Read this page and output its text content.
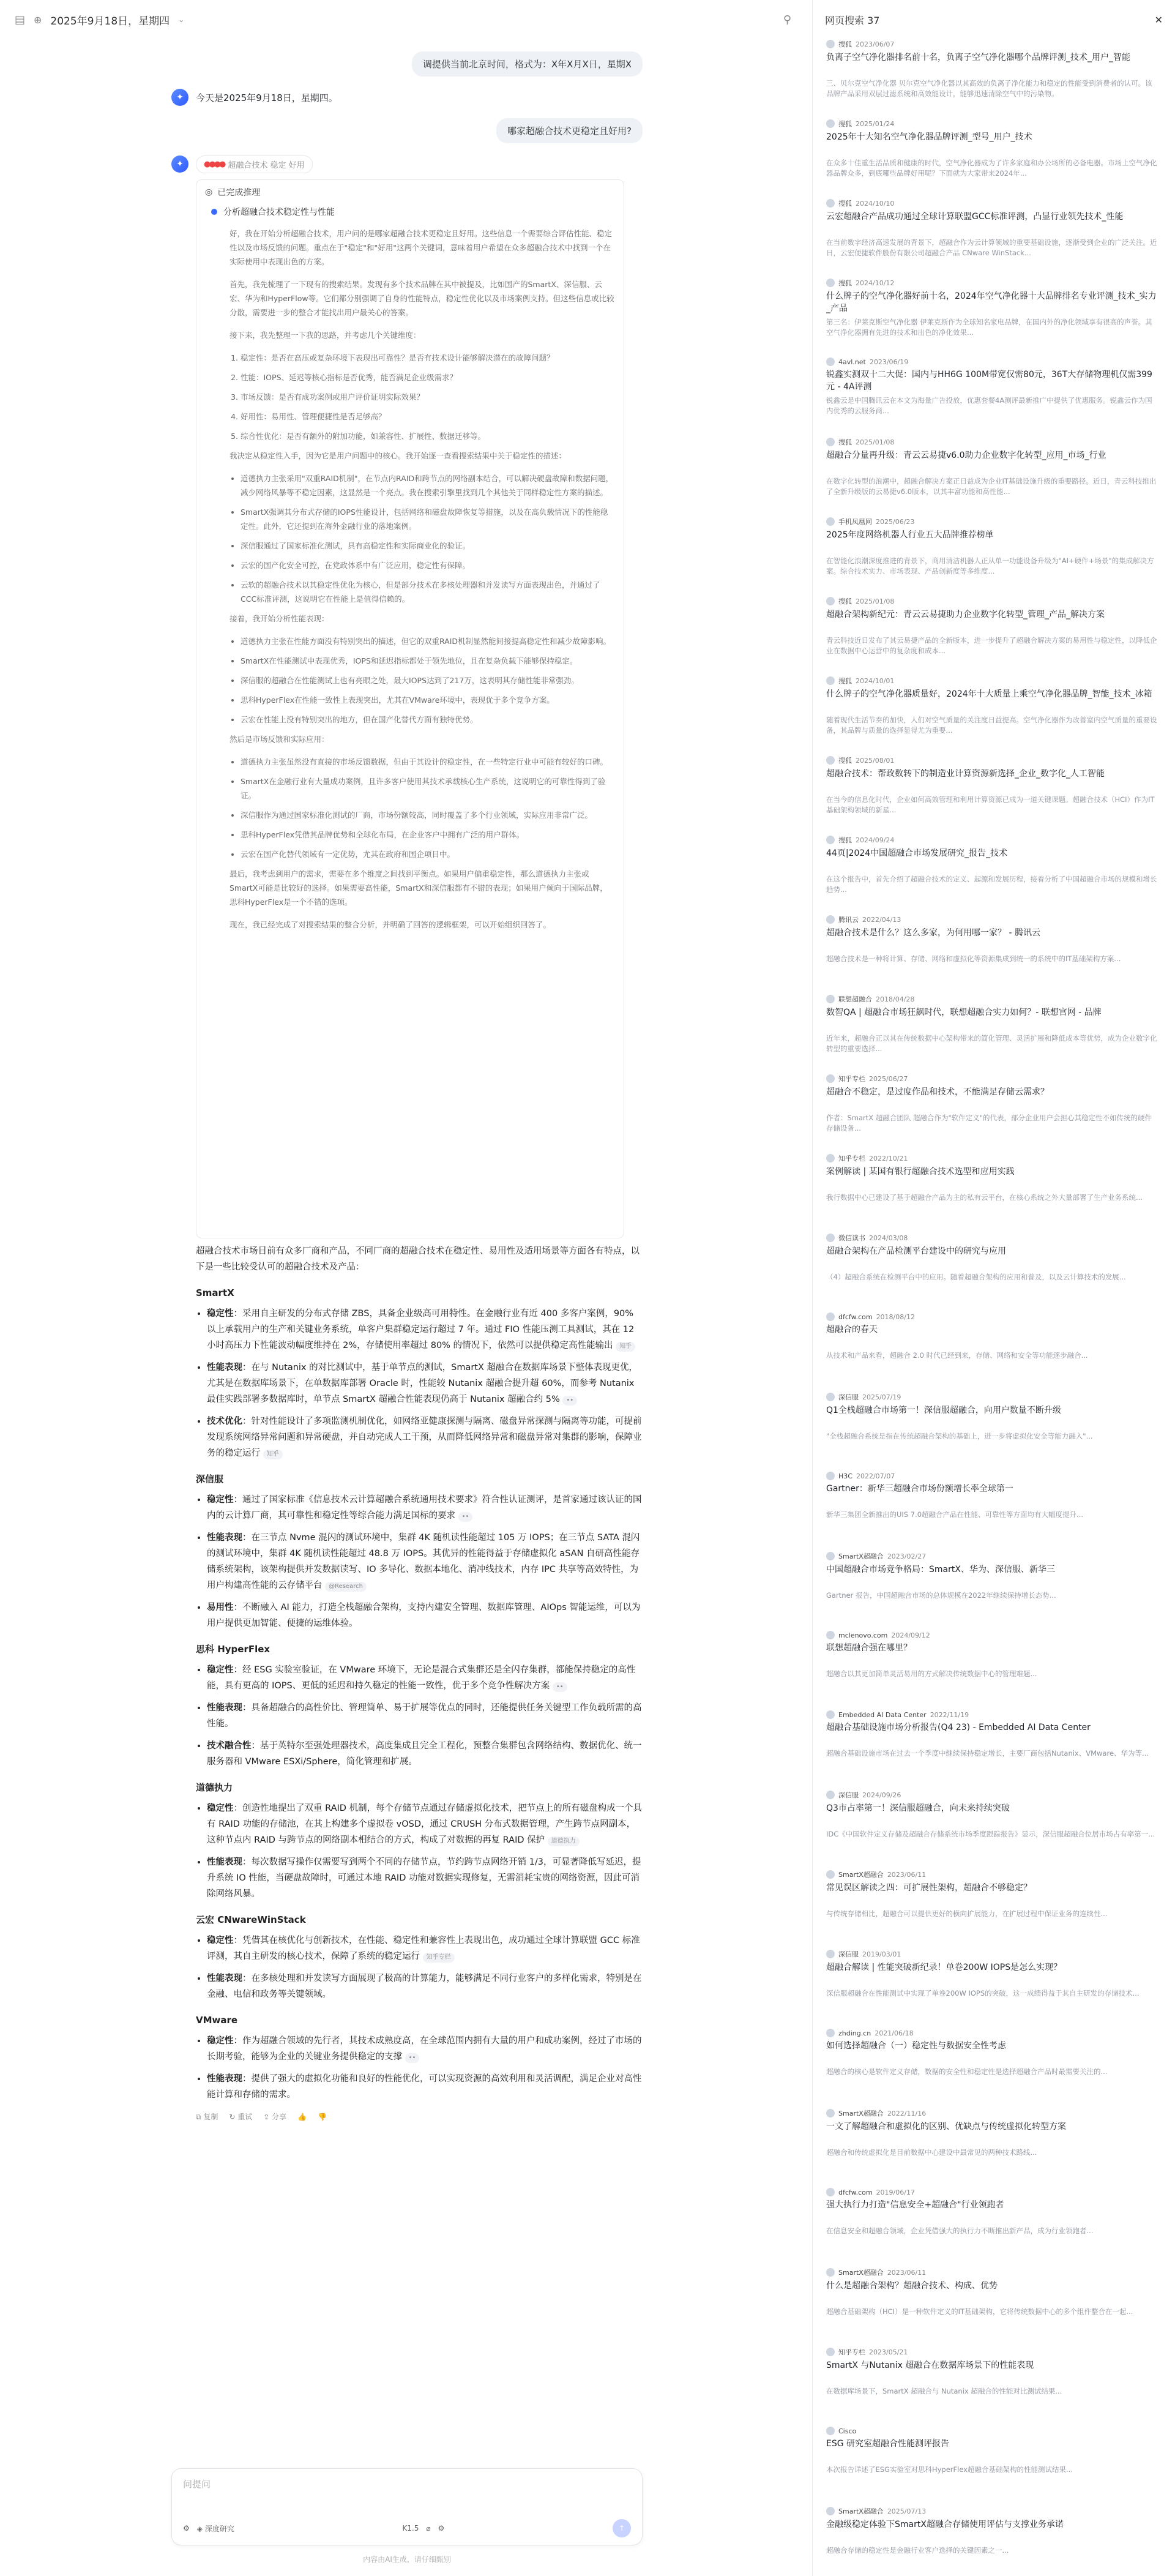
▤ ⊕ 2025年9月18日，星期四 ⌄	⚲
调提供当前北京时间，格式为：X年X月X日，星期X
✦	今天是2025年9月18日，星期四。
哪家超融合技术更稳定且好用?
✦	●●●● 超融合技术 稳定 好用
◎ 已完成推理
分析超融合技术稳定性与性能

好，我在开始分析超融合技术，用户问的是哪家超融合技术更稳定且好用。这些信息一个需要综合评估性能、稳定性以及市场反馈的问题。重点在于"稳定"和"好用"这两个关键词，意味着用户希望在众多超融合技术中找到一个在实际使用中表现出色的方案。

首先，我先梳理了一下现有的搜索结果。发现有多个技术品牌在其中被提及，比如国产的SmartX、深信服、云宏、华为和HyperFlow等。它们都分别强调了自身的性能特点，稳定性优化以及市场案例支持。但这些信息或比较分散，需要进一步的整合才能找出用户最关心的答案。

接下来，我先整理一下我的思路，并考虑几个关键维度：

1. 稳定性：是否在高压或复杂环境下表现出可靠性？是否有技术设计能够解决潜在的故障问题？
2. 性能：IOPS、延迟等核心指标是否优秀，能否满足企业级需求？
3. 市场反馈：是否有成功案例或用户评价证明实际效果？
4. 好用性：易用性、管理便捷性是否足够高？
5. 综合性优化：是否有额外的附加功能，如兼容性、扩展性、数据迁移等。

我决定从稳定性入手，因为它是用户问题中的核心。我开始逐一查看搜索结果中关于稳定性的描述：

• 道德执力主张采用"双重RAID机制"，在节点内RAID和跨节点的网络副本结合，可以解决硬盘故障和数据问题，减少网络风暴等不稳定因素，这显然是一个亮点。我在搜索引擎里找到几个其他关于同样稳定性方案的描述。
• SmartX强调其分布式存储的IOPS性能设计，包括网络和磁盘故障恢复等措施，以及在高负载情况下的性能稳定性。此外，它还提到在海外金融行业的落地案例。
• 深信服通过了国家标准化测试，具有高稳定性和实际商业化的验证。
• 云宏的国产化安全可控，在党政体系中有广泛应用，稳定性有保障。
• 云软的超融合技术以其稳定性优化为核心，但是部分技术在多核处理器和并发读写方面表现出色，并通过了CCC标准评测，这说明它在性能上是值得信赖的。

接着，我开始分析性能表现：

• 道德执力主张在性能方面没有特别突出的描述，但它的双重RAID机制显然能间接提高稳定性和减少故障影响。
• SmartX在性能测试中表现优秀，IOPS和延迟指标都处于领先地位，且在复杂负载下能够保持稳定。
• 深信服的超融合在性能测试上也有亮眼之处，最大IOPS达到了217万，这表明其存储性能非常强劲。
• 思科HyperFlex在性能一致性上表现突出，尤其在VMware环境中，表现优于多个竞争方案。
• 云宏在性能上没有特别突出的地方，但在国产化替代方面有独特优势。

然后是市场反馈和实际应用：

• 道德执力主张虽然没有直接的市场反馈数据，但由于其设计的稳定性，在一些特定行业中可能有较好的口碑。
• SmartX在金融行业有大量成功案例，且许多客户使用其技术承载核心生产系统，这说明它的可靠性得到了验证。
• 深信服作为通过国家标准化测试的厂商，市场份额较高，同时覆盖了多个行业领域，实际应用非常广泛。
• 思科HyperFlex凭借其品牌优势和全球化布局，在企业客户中拥有广泛的用户群体。
• 云宏在国产化替代领域有一定优势，尤其在政府和国企项目中。

最后，我考虑到用户的需求，需要在多个维度之间找到平衡点。如果用户偏重稳定性，那么道德执力主张或SmartX可能是比较好的选择。如果需要高性能，SmartX和深信服都有不错的表现；如果用户倾向于国际品牌，思科HyperFlex是一个不错的选项。

现在，我已经完成了对搜索结果的整合分析，并明确了回答的逻辑框架，可以开始组织回答了。

超融合技术市场目前有众多厂商和产品，不同厂商的超融合技术在稳定性、易用性及适用场景等方面各有特点，以下是一些比较受认可的超融合技术及产品：

SmartX
• 稳定性：采用自主研发的分布式存储 ZBS，具备企业级高可用特性。在金融行业有近 400 多客户案例，90% 以上承载用户的生产和关键业务系统，单客户集群稳定运行超过 7 年。通过 FIO 性能压测工具测试，其在 12 小时高压力下性能波动幅度维持在 2%，存储使用率超过 80% 的情况下，依然可以提供稳定高性能输出 知乎
• 性能表现：在与 Nutanix 的对比测试中，基于单节点的测试，SmartX 超融合在数据库场景下整体表现更优，尤其是在数据库场景下，在单数据库部署 Oracle 时，性能较 Nutanix 超融合提升超 60%，而参考 Nutanix 最佳实践部署多数据库时，单节点 SmartX 超融合性能表现仍高于 Nutanix 超融合约 5% ••
• 技术优化：针对性能设计了多项监测机制优化，如网络亚健康探测与隔离、磁盘异常探测与隔离等功能，可提前发现系统网络异常问题和异常硬盘，并自动完成人工干预，从而降低网络异常和磁盘异常对集群的影响，保障业务的稳定运行 知乎
深信服
• 稳定性：通过了国家标准《信息技术云计算超融合系统通用技术要求》符合性认证测评，是首家通过该认证的国内的云计算厂商，其可靠性和稳定性等综合能力满足国标的要求 ••
• 性能表现：在三节点 Nvme 混闪的测试环境中，集群 4K 随机读性能超过 105 万 IOPS；在三节点 SATA 混闪的测试环境中，集群 4K 随机读性能超过 48.8 万 IOPS。其优异的性能得益于存储虚拟化 aSAN 自研高性能存储系统架构，该架构提供并发数据读写、IO 多导化、数据本地化、消冲线技术，内存 IPC 共享等高效特性，为用户构建高性能的云存储平台 @Research
• 易用性：不断融入 AI 能力，打造全栈超融合架构，支持内建安全管理、数据库管理、AIOps 智能运维，可以为用户提供更加智能、便捷的运维体验。
思科 HyperFlex
• 稳定性：经 ESG 实验室验证，在 VMware 环境下，无论是混合式集群还是全闪存集群，都能保持稳定的高性能，具有更高的 IOPS、更低的延迟和持久稳定的性能一致性，优于多个竞争性解决方案 ••
• 性能表现：具备超融合的高性价比、管理简单、易于扩展等优点的同时，还能提供任务关键型工作负载所需的高性能。
• 技术融合性：基于英特尔至强处理器技术，高度集成且完全工程化，预整合集群包含网络结构、数据优化、统一服务器和 VMware ESXi/Sphere，简化管理和扩展。
道德执力
• 稳定性：创造性地提出了双重 RAID 机制，每个存储节点通过存储虚拟化技术，把节点上的所有磁盘构成一个具有 RAID 功能的存储池，在其上构建多个虚拟卷 vOSD，通过 CRUSH 分布式数据管理，产生跨节点网副本，这种节点内 RAID 与跨节点的网络副本相结合的方式，构成了对数据的再复 RAID 保护 道德执力
• 性能表现：每次数据写操作仅需要写到两个不同的存储节点，节约跨节点网络开销 1/3，可显著降低写延迟，提升系统 IO 性能，当硬盘故障时，可通过本地 RAID 功能对数据实现修复，无需消耗宝贵的网络资源，因此可消除网络风暴。
云宏 CNwareWinStack
• 稳定性：凭借其在核优化与创新技术，在性能、稳定性和兼容性上表现出色，成功通过全球计算联盟 GCC 标准评测，其自主研发的核心技术，保障了系统的稳定运行 知乎专栏
• 性能表现：在多核处理和并发读写方面展现了极高的计算能力，能够满足不同行业客户的多样化需求，特别是在金融、电信和政务等关键领域。
VMware
• 稳定性：作为超融合领域的先行者，其技术成熟度高，在全球范围内拥有大量的用户和成功案例，经过了市场的长期考验，能够为企业的关键业务提供稳定的支撑 ••
• 性能表现：提供了强大的虚拟化功能和良好的性能优化，可以实现资源的高效利用和灵活调配，满足企业对高性能计算和存储的需求。
⧉ 复制 ↻ 重试 ⇪ 分享 👍 👎
问提问
⚙ ◈ 深度研究	K1.5 ⌀ ⚙	↑
内容由AI生成，请仔细甄别
网页搜索 37	✕
搜狐 2023/06/07
负离子空气净化器排名前十名，负离子空气净化器哪个品牌评测_技术_用户_智能
三、贝尔克空气净化器 贝尔克空气净化器以其高效的负离子净化能力和稳定的性能受到消费者的认可。该品牌产品采用双层过滤系统和高效能设计，能够迅速清除空气中的污染物。
搜狐 2025/01/24
2025年十大知名空气净化器品牌评测_型号_用户_技术
在众多十佳重生活品质和健康的时代，空气净化器成为了许多家庭和办公场所的必备电器。市场上空气净化器品牌众多，到底哪些品牌好用呢？下面就为大家带来2024年...
搜狐 2024/10/10
云宏超融合产品成功通过全球计算联盟GCC标准评测，凸显行业领先技术_性能
在当前数字经济高速发展的背景下，超融合作为云计算领域的重要基础设施，逐渐受到企业的广泛关注。近日，云宏便捷软件股份有限公司超融合产品 CNware WinStack...
搜狐 2024/10/12
什么牌子的空气净化器好前十名，2024年空气净化器十大品牌排名专业评测_技术_实力_产品
第三名：伊莱克斯空气净化器 伊莱克斯作为全球知名家电品牌，在国内外的净化领域享有很高的声誉。其空气净化器拥有先进的技术和出色的净化效果...
4avl.net 2023/06/19
锐鑫实测双十二大促：国内与HH6G 100M带宽仅需80元，36T大存储物理机仅需399元 - 4A评测
锐鑫云是中国腾讯云在本文为海量广告投放，优惠套餐4A测评最新推广中提供了优惠服务。锐鑫云作为国内优秀的云服务商...
搜狐 2025/01/08
超融合分量再升级：青云云易捷v6.0助力企业数字化转型_应用_市场_行业
在数字化转型的浪潮中，超融合解决方案正日益成为企业IT基础设施升级的重要路径。近日，青云科技推出了全新升级版的云易捷v6.0版本，以其丰富功能和高性能...
手机凤凰网 2025/06/23
2025年度网络机器人行业五大品牌推荐榜单
在智能化浪潮深度推进的背景下，商用清洁机器人正从单一功能设备升级为"AI+硬件+场景"的集成解决方案。综合技术实力、市场表现、产品创新度等多维度...
搜狐 2025/01/08
超融合架构新纪元：青云云易捷助力企业数字化转型_管理_产品_解决方案
青云科技近日发布了其云易捷产品的全新版本，进一步提升了超融合解决方案的易用性与稳定性，以降低企业在数据中心运营中的复杂度和成本...
搜狐 2024/10/01
什么牌子的空气净化器质量好，2024年十大质量上乘空气净化器品牌_智能_技术_冰箱
随着现代生活节奏的加快，人们对空气质量的关注度日益提高。空气净化器作为改善室内空气质量的重要设备，其品牌与质量的选择显得尤为重要...
搜狐 2025/08/01
超融合技术：帮政数转下的制造业计算资源新选择_企业_数字化_人工智能
在当今的信息化时代，企业如何高效管理和利用计算资源已成为一道关键课题。超融合技术（HCI）作为IT基础架构领域的新星...
搜狐 2024/09/24
44页|2024中国超融合市场发展研究_报告_技术
在这个报告中，首先介绍了超融合技术的定义、起源和发展历程，接着分析了中国超融合市场的规模和增长趋势...
腾讯云 2022/04/13
超融合技术是什么？这么多家，为何用哪一家？ - 腾讯云
超融合技术是一种将计算、存储、网络和虚拟化等资源集成到统一的系统中的IT基础架构方案...
联想超融合 2018/04/28
数智QA | 超融合市场狂飙时代，联想超融合实力如何？- 联想官网 - 品牌
近年来，超融合正以其在传统数据中心架构带来的简化管理、灵活扩展和降低成本等优势，成为企业数字化转型的重要选择...
知乎专栏 2025/06/27
超融合不稳定，是过度作品和技术，不能满足存储云需求？
作者：SmartX 超融合团队 超融合作为"软件定义"的代表，部分企业用户会担心其稳定性不如传统的硬件存储设备...
知乎专栏 2022/10/21
案例解读 | 某国有银行超融合技术选型和应用实践
我行数据中心已建设了基于超融合产品为主的私有云平台，在核心系统之外大量部署了生产业务系统...
微信读书 2024/03/08
超融合架构在产品检测平台建设中的研究与应用
（4）超融合系统在检测平台中的应用。随着超融合架构的应用和普及，以及云计算技术的发展...
dfcfw.com 2018/08/12
超融合的春天
从技术和产品来看，超融合 2.0 时代已经到来，存储、网络和安全等功能逐步融合...
深信服 2025/07/19
Q1全栈超融合市场第一！深信服超融合，向用户数量不断升级
"全栈超融合系统是指在传统超融合架构的基础上，进一步将虚拟化安全等能力融入"...
H3C 2022/07/07
Gartner：新华三超融合市场份额增长率全球第一
新华三集团全新推出的UIS 7.0超融合产品在性能、可靠性等方面均有大幅度提升...
SmartX超融合 2023/02/27
中国超融合市场竞争格局：SmartX、华为、深信服、新华三
Gartner 报告，中国超融合市场的总体规模在2022年继续保持增长态势...
mclenovo.com 2024/09/12
联想超融合强在哪里？
超融合以其更加简单灵活易用的方式解决传统数据中心的管理难题...
Embedded AI Data Center 2022/11/19
超融合基础设施市场分析报告(Q4 23) - Embedded AI Data Center
超融合基础设施市场在过去一个季度中继续保持稳定增长，主要厂商包括Nutanix、VMware、华为等...
深信服 2024/09/26
Q3市占率第一！深信服超融合，向未来持续突破
IDC《中国软件定义存储及超融合存储系统市场季度跟踪报告》显示，深信服超融合位居市场占有率第一...
SmartX超融合 2023/06/11
常见误区解读之四：可扩展性架构，超融合不够稳定？
与传统存储相比，超融合可以提供更好的横向扩展能力，在扩展过程中保证业务的连续性...
深信服 2019/03/01
超融合解读 | 性能突破新纪录！单卷200W IOPS是怎么实现？
深信服超融合在性能测试中实现了单卷200W IOPS的突破，这一成绩得益于其自主研发的存储技术...
zhding.cn 2021/06/18
如何选择超融合（一）稳定性与数据安全性考虑
超融合的核心是软件定义存储，数据的安全性和稳定性是选择超融合产品时最需要关注的...
SmartX超融合 2022/11/16
一文了解超融合和虚拟化的区别、优缺点与传统虚拟化转型方案
超融合和传统虚拟化是目前数据中心建设中最常见的两种技术路线...
dfcfw.com 2019/06/17
强大执行力打造"信息安全+超融合"行业领跑者
在信息安全和超融合领域，企业凭借强大的执行力不断推出新产品，成为行业领跑者...
SmartX超融合 2023/06/11
什么是超融合架构？超融合技术、构成、优势
超融合基础架构（HCI）是一种软件定义的IT基础架构，它将传统数据中心的多个组件整合在一起...
知乎专栏 2023/05/21
SmartX 与Nutanix 超融合在数据库场景下的性能表现
在数据库场景下，SmartX 超融合与 Nutanix 超融合的性能对比测试结果...
Cisco
ESG 研究室超融合性能测评报告
本次报告详述了ESG实验室对思科HyperFlex超融合基础架构的性能测试结果...
SmartX超融合 2025/07/13
金融级稳定体验下SmartX超融合存储使用评估与支撑业务承诺
超融合存储的稳定性是金融行业客户选择的关键因素之一...
